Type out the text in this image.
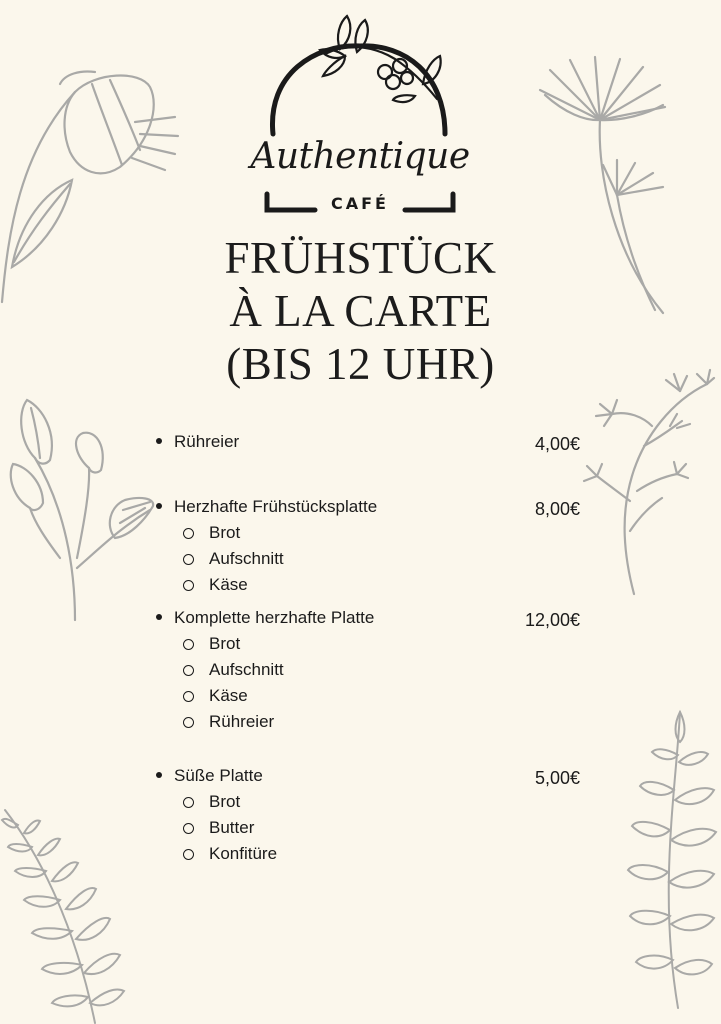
Authentique
CAFÉ
FRÜHSTÜCK
À LA CARTE
(BIS 12 UHR)
Rühreier	4,00€
Herzhafte Frühstücksplatte	8,00€
Brot
Aufschnitt
Käse
Komplette herzhafte Platte	12,00€
Brot
Aufschnitt
Käse
Rühreier
Süße Platte	5,00€
Brot
Butter
Konfitüre
